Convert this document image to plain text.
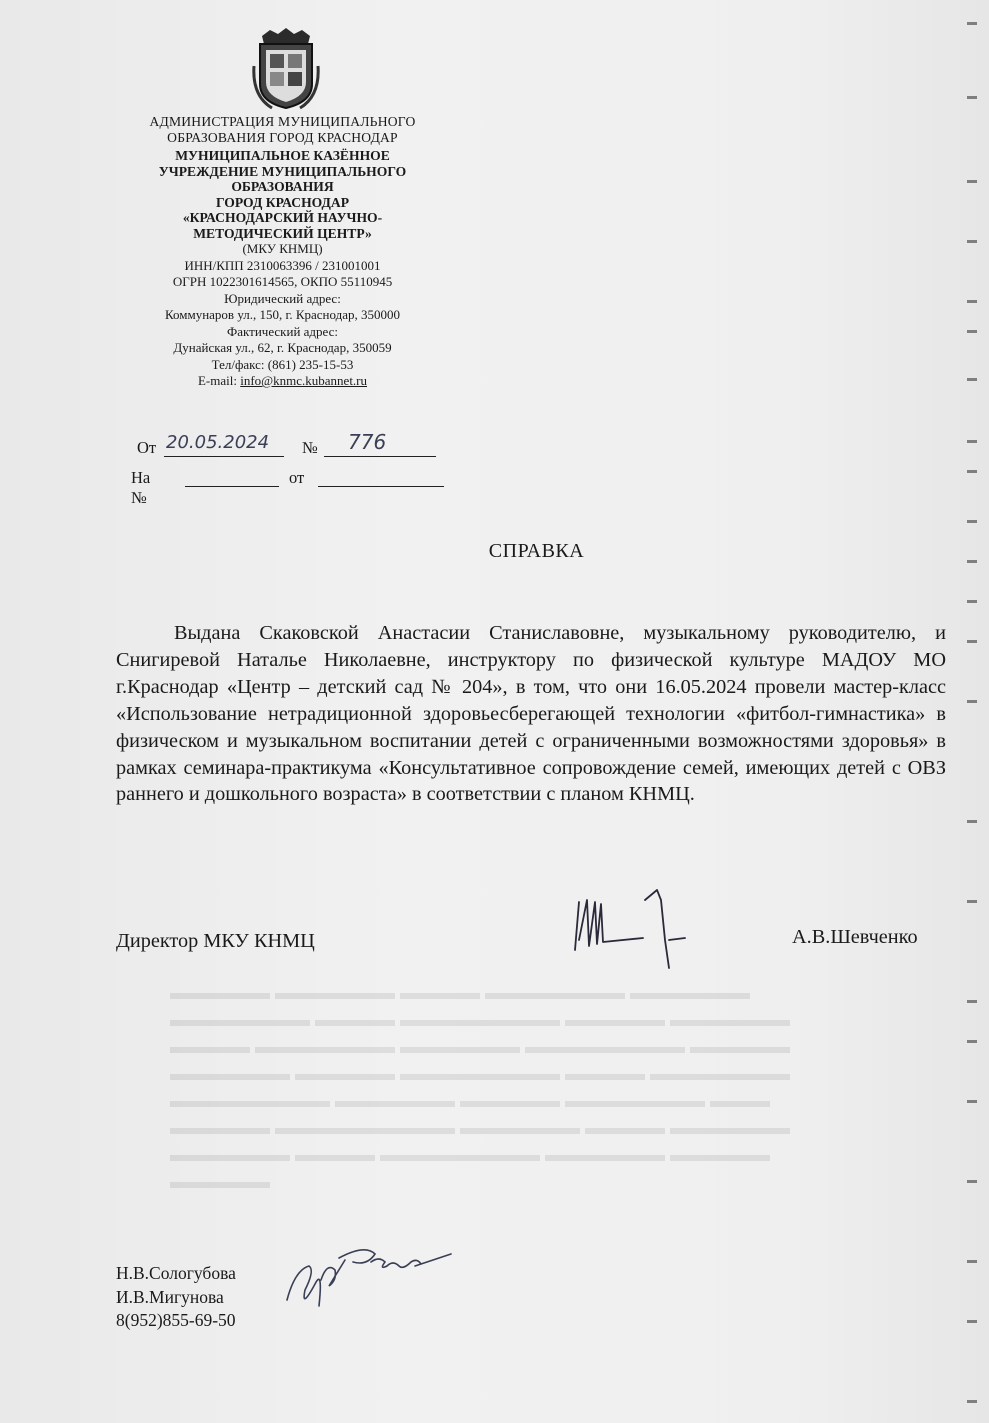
АДМИНИСТРАЦИЯ МУНИЦИПАЛЬНОГО
ОБРАЗОВАНИЯ ГОРОД КРАСНОДАР
МУНИЦИПАЛЬНОЕ КАЗЁННОЕ
УЧРЕЖДЕНИЕ МУНИЦИПАЛЬНОГО
ОБРАЗОВАНИЯ
ГОРОД КРАСНОДАР
«КРАСНОДАРСКИЙ НАУЧНО-
МЕТОДИЧЕСКИЙ ЦЕНТР»
(МКУ КНМЦ)
ИНН/КПП 2310063396 / 231001001
ОГРН 1022301614565, ОКПО 55110945
Юридический адрес:
Коммунаров ул., 150, г. Краснодар, 350000
Фактический адрес:
Дунайская ул., 62, г. Краснодар, 350059
Тел/факс: (861) 235-15-53
E-mail: info@knmc.kubannet.ru
От 20.05.2024 № 776
На №
от
СПРАВКА
Выдана Скаковской Анастасии Станиславовне, музыкальному руководителю, и Снигиревой Наталье Николаевне, инструктору по физической культуре МАДОУ МО г.Краснодар «Центр – детский сад № 204», в том, что они 16.05.2024 провели мастер-класс «Использование нетрадиционной здоровьесберегающей технологии «фитбол-гимнастика» в физическом и музыкальном воспитании детей с ограниченными возможностями здоровья» в рамках семинара-практикума «Консультативное сопровождение семей, имеющих детей с ОВЗ раннего и дошкольного возраста» в соответствии с планом КНМЦ.
Директор МКУ КНМЦ	А.В.Шевченко
▬▬▬▬▬ ▬▬▬▬▬▬ ▬▬▬▬ ▬▬▬▬▬▬▬ ▬▬▬▬▬▬
▬▬▬▬▬▬▬ ▬▬▬▬ ▬▬▬▬▬▬▬▬ ▬▬▬▬▬ ▬▬▬▬▬▬
▬▬▬▬ ▬▬▬▬▬▬▬ ▬▬▬▬▬▬ ▬▬▬▬▬▬▬▬ ▬▬▬▬▬
▬▬▬▬▬▬ ▬▬▬▬▬ ▬▬▬▬▬▬▬▬ ▬▬▬▬ ▬▬▬▬▬▬▬
▬▬▬▬▬▬▬▬ ▬▬▬▬▬▬ ▬▬▬▬▬ ▬▬▬▬▬▬▬ ▬▬▬
▬▬▬▬▬ ▬▬▬▬▬▬▬▬▬ ▬▬▬▬▬▬ ▬▬▬▬ ▬▬▬▬▬▬
▬▬▬▬▬▬ ▬▬▬▬ ▬▬▬▬▬▬▬▬ ▬▬▬▬▬▬ ▬▬▬▬▬
▬▬▬▬▬
Н.В.Сологубова
И.В.Мигунова
8(952)855-69-50
